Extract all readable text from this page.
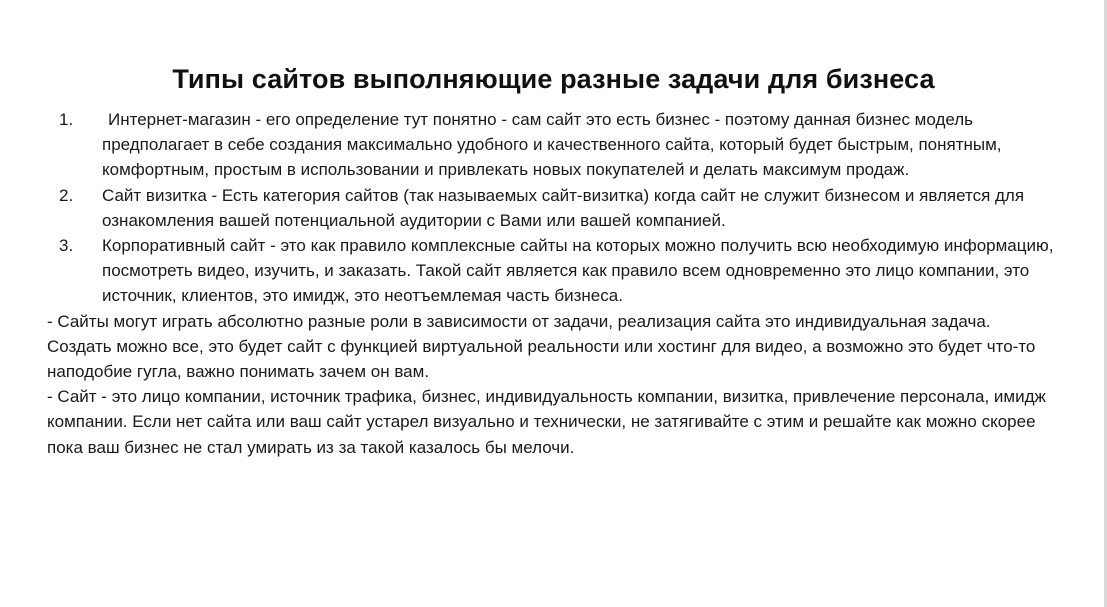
Типы сайтов выполняющие разные задачи для бизнеса
1.	Интернет-магазин - его определение тут понятно - сам сайт это есть бизнес - поэтому данная бизнес модель предполагает в себе создания максимально удобного и качественного сайта, который будет быстрым, понятным, комфортным, простым в использовании и привлекать новых покупателей и делать максимум продаж.
2. Сайт визитка - Есть категория сайтов (так называемых сайт-визитка) когда сайт не служит бизнесом и является для ознакомления вашей потенциальной аудитории с Вами или вашей компанией.
3. Корпоративный сайт - это как правило комплексные сайты на которых можно получить всю необходимую информацию, посмотреть видео, изучить, и заказать. Такой сайт является как правило всем одновременно это лицо компании, это источник, клиентов, это имидж, это неотъемлемая часть бизнеса.

- Сайты могут играть абсолютно разные роли в зависимости от задачи, реализация сайта это индивидуальная задача. Создать можно все, это будет сайт с функцией виртуальной реальности или хостинг для видео, а возможно это будет что-то наподобие гугла, важно понимать зачем он вам.

- Сайт - это лицо компании, источник трафика, бизнес, индивидуальность компании, визитка, привлечение персонала, имидж компании. Если нет сайта или ваш сайт устарел визуально и технически, не затягивайте с этим и решайте как можно скорее пока ваш бизнес не стал умирать из за такой казалось бы мелочи.
